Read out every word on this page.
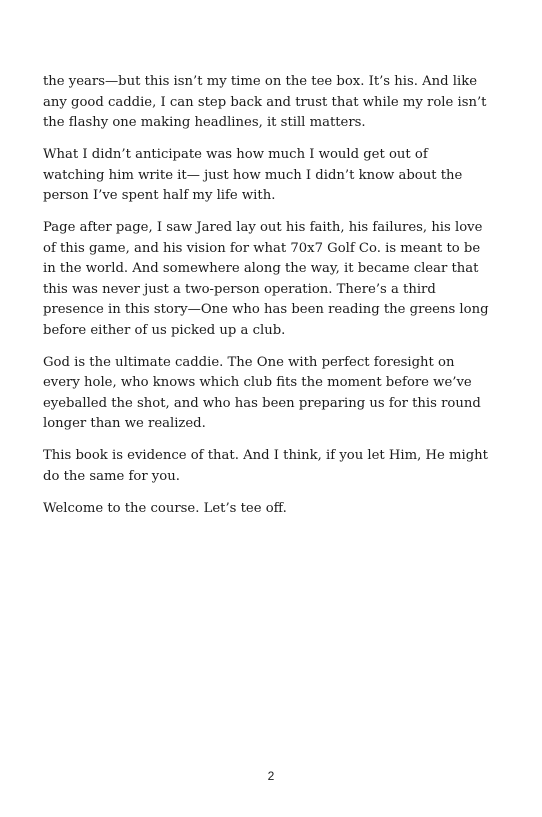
the years—but this isn’t my time on the tee box. It’s his. And like any good caddie, I can step back and trust that while my role isn’t the flashy one making headlines, it still matters.

What I didn’t anticipate was how much I would get out of watching him write it— just how much I didn’t know about the person I’ve spent half my life with.

Page after page, I saw Jared lay out his faith, his failures, his love of this game, and his vision for what 70x7 Golf Co. is meant to be in the world. And somewhere along the way, it became clear that this was never just a two-person operation. There’s a third presence in this story—One who has been reading the greens long before either of us picked up a club.

God is the ultimate caddie. The One with perfect foresight on every hole, who knows which club fits the moment before we’ve eyeballed the shot, and who has been preparing us for this round longer than we realized.

This book is evidence of that. And I think, if you let Him, He might do the same for you.

Welcome to the course. Let’s tee off.

2
